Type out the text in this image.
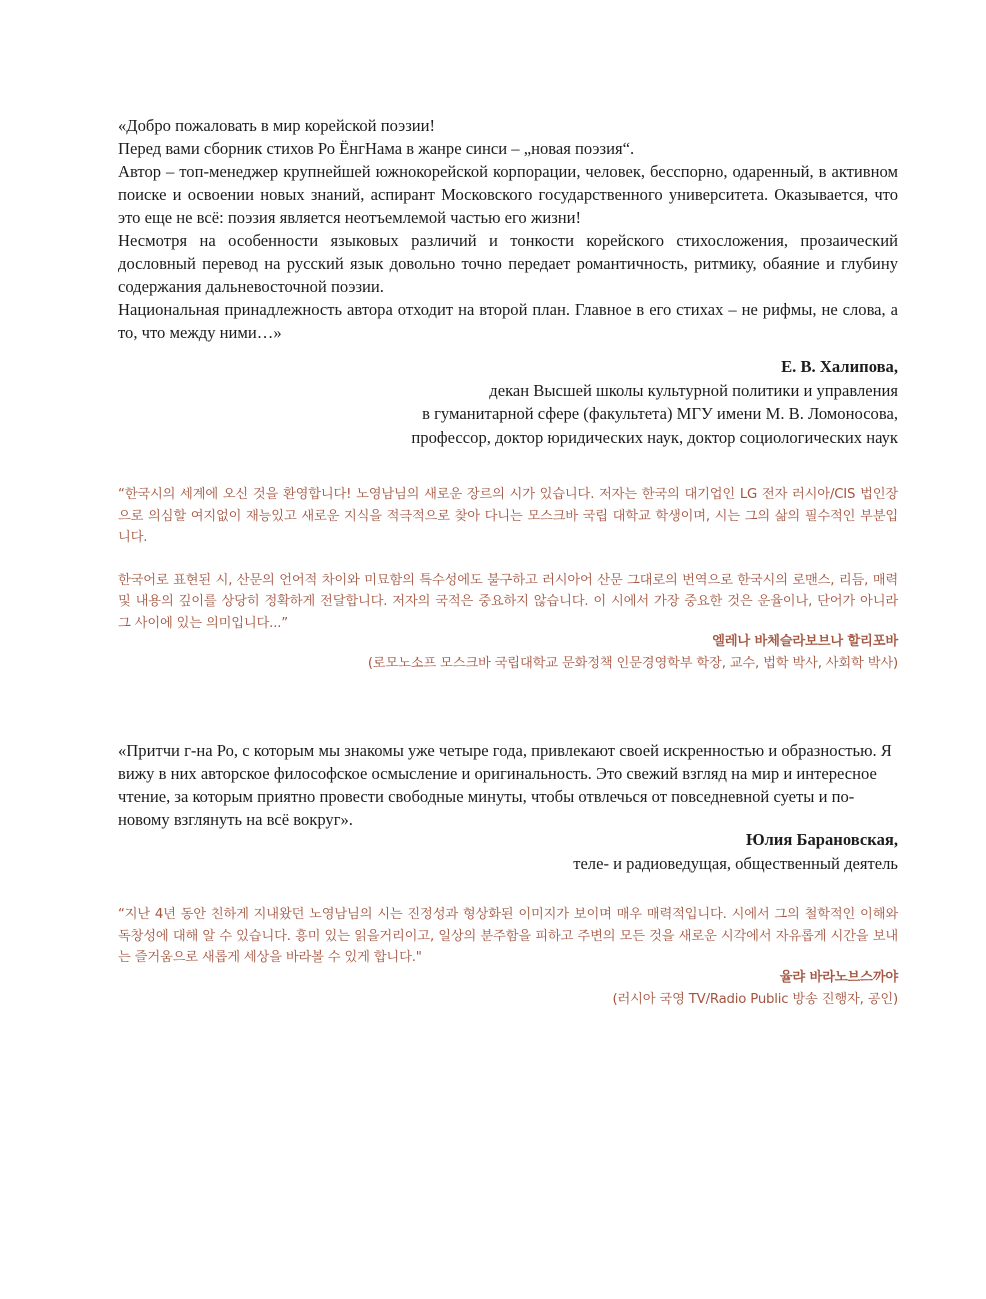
«Добро пожаловать в мир корейской поэзии!

Перед вами сборник стихов Ро ЁнгНама в жанре синси – „новая поэзия“.

Автор – топ-менеджер крупнейшей южнокорейской корпорации, человек, бесспорно, одаренный, в активном поиске и освоении новых знаний, аспирант Московского государственного университета. Оказывается, что это еще не всё: поэзия является неотъемлемой частью его жизни!

Несмотря на особенности языковых различий и тонкости корейского стихосложения, прозаический дословный перевод на русский язык довольно точно передает романтичность, ритмику, обаяние и глубину содержания дальневосточной поэзии.

Национальная принадлежность автора отходит на второй план. Главное в его стихах – не рифмы, не слова, а то, что между ними…»

Е. В. Халипова,
декан Высшей школы культурной политики и управления
в гуманитарной сфере (факультета) МГУ имени М. В. Ломоносова,
профессор, доктор юридических наук, доктор социологических наук

“한국시의 세계에 오신 것을 환영합니다! 노영남님의 새로운 장르의 시가 있습니다. 저자는 한국의 대기업인 LG 전자 러시아/CIS 법인장으로 의심할 여지없이 재능있고 새로운 지식을 적극적으로 찾아 다니는 모스크바 국립 대학교 학생이며, 시는 그의 삶의 필수적인 부분입니다.

한국어로 표현된 시, 산문의 언어적 차이와 미묘함의 특수성에도 불구하고 러시아어 산문 그대로의 번역으로 한국시의 로맨스, 리듬, 매력 및 내용의 깊이를 상당히 정확하게 전달합니다. 저자의 국적은 중요하지 않습니다. 이 시에서 가장 중요한 것은 운율이나, 단어가 아니라 그 사이에 있는 의미입니다...”

엘레나 바체슬라보브나 할리포바
(로모노소프 모스크바 국립대학교 문화정책 인문경영학부 학장, 교수, 법학 박사, 사회학 박사)

«Притчи г-на Ро, с которым мы знакомы уже четыре года, привлекают своей искренностью и образностью. Я вижу в них авторское философское осмысление и оригинальность. Это свежий взгляд на мир и интересное чтение, за которым приятно провести свободные минуты, чтобы отвлечься от повседневной суеты и по-новому взглянуть на всё вокруг».

Юлия Барановская,
теле- и радиоведущая, общественный деятель

“지난 4년 동안 친하게 지내왔던 노영남님의 시는 진정성과 형상화된 이미지가 보이며 매우 매력적입니다. 시에서 그의 철학적인 이해와 독창성에 대해 알 수 있습니다. 흥미 있는 읽을거리이고, 일상의 분주함을 피하고 주변의 모든 것을 새로운 시각에서 자유롭게 시간을 보내는 즐거움으로 새롭게 세상을 바라볼 수 있게 합니다."

율랴 바라노브스까야
(러시아 국영 TV/Radio Public 방송 진행자, 공인)
